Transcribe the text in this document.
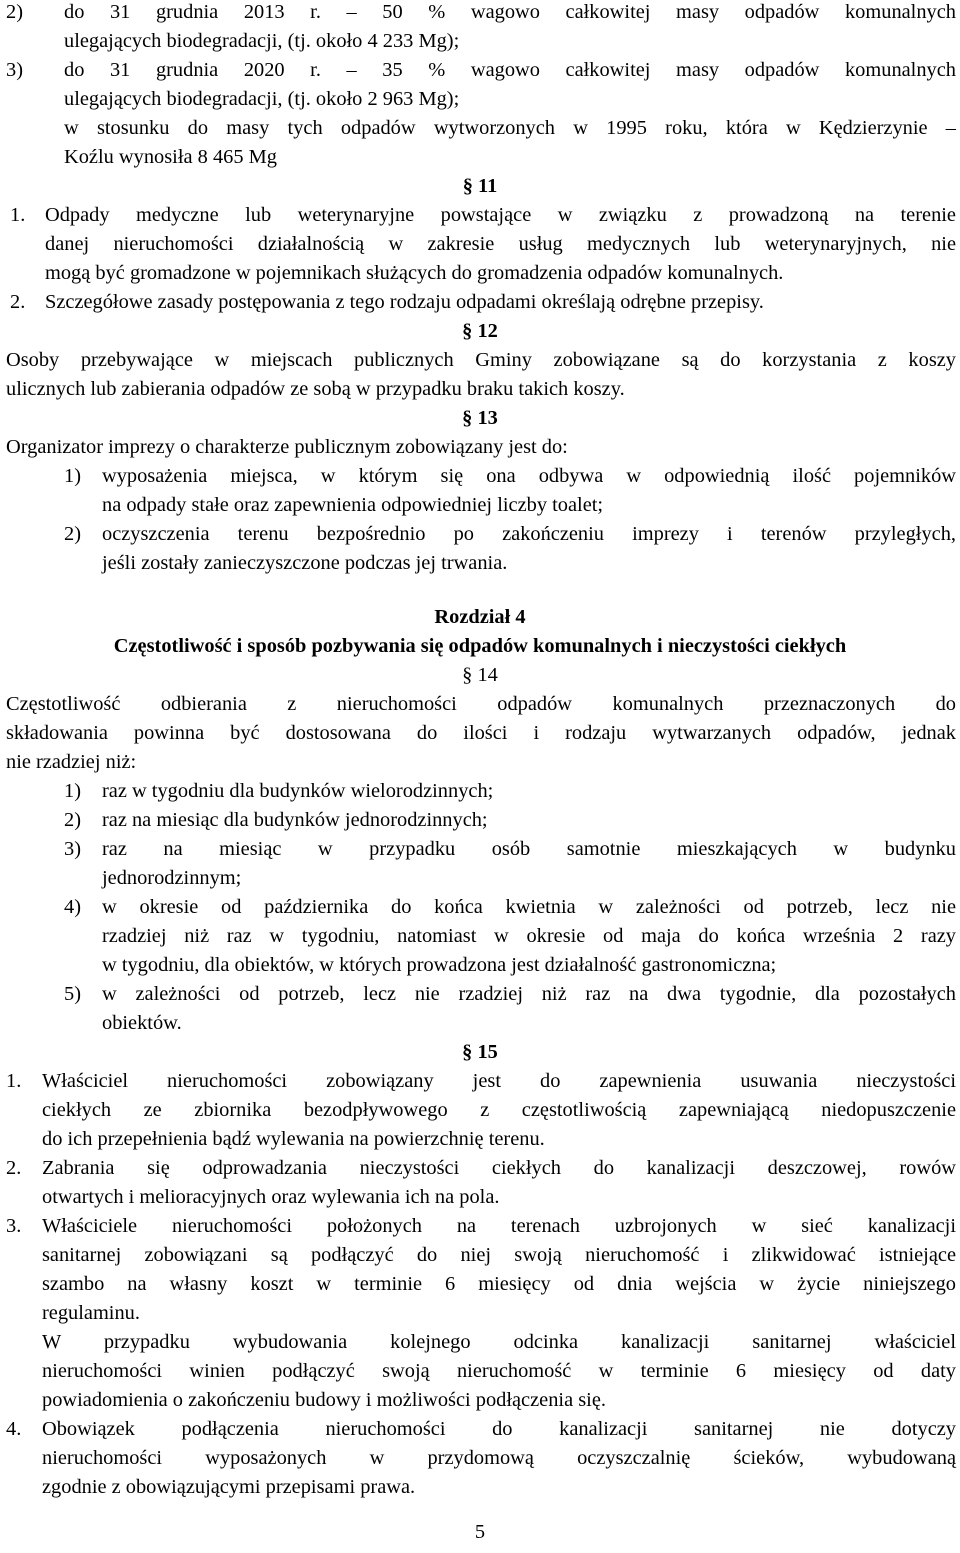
2) do 31 grudnia 2013 r. – 50 % wagowo całkowitej masy odpadów komunalnych
ulegających biodegradacji, (tj. około 4 233 Mg);
3) do 31 grudnia 2020 r. – 35 % wagowo całkowitej masy odpadów komunalnych
ulegających biodegradacji, (tj. około 2 963 Mg);
w stosunku do masy tych odpadów wytworzonych w 1995 roku, która w Kędzierzynie –
Koźlu wynosiła 8 465 Mg
§ 11
1. Odpady medyczne lub weterynaryjne powstające w związku z prowadzoną na terenie
danej nieruchomości działalnością w zakresie usług medycznych lub weterynaryjnych, nie
mogą być gromadzone w pojemnikach służących do gromadzenia odpadów komunalnych.
2. Szczegółowe zasady postępowania z tego rodzaju odpadami określają odrębne przepisy.
§ 12
Osoby przebywające w miejscach publicznych Gminy zobowiązane są do korzystania z koszy
ulicznych lub zabierania odpadów ze sobą w przypadku braku takich koszy.
§ 13
Organizator imprezy o charakterze publicznym zobowiązany jest do:
1) wyposażenia miejsca, w którym się ona odbywa w odpowiednią ilość pojemników
na odpady stałe oraz zapewnienia odpowiedniej liczby toalet;
2) oczyszczenia terenu bezpośrednio po zakończeniu imprezy i terenów przyległych,
jeśli zostały zanieczyszczone podczas jej trwania.
Rozdział 4
Częstotliwość i sposób pozbywania się odpadów komunalnych i nieczystości ciekłych
§ 14
Częstotliwość odbierania z nieruchomości odpadów komunalnych przeznaczonych do
składowania powinna być dostosowana do ilości i rodzaju wytwarzanych odpadów, jednak
nie rzadziej niż:
1) raz w tygodniu dla budynków wielorodzinnych;
2) raz na miesiąc dla budynków jednorodzinnych;
3) raz na miesiąc w przypadku osób samotnie mieszkających w budynku
jednorodzinnym;
4) w okresie od października do końca kwietnia w zależności od potrzeb, lecz nie
rzadziej niż raz w tygodniu, natomiast w okresie od maja do końca września 2 razy
w tygodniu, dla obiektów, w których prowadzona jest działalność gastronomiczna;
5) w zależności od potrzeb, lecz nie rzadziej niż raz na dwa tygodnie, dla pozostałych
obiektów.
§ 15
1. Właściciel nieruchomości zobowiązany jest do zapewnienia usuwania nieczystości
ciekłych ze zbiornika bezodpływowego z częstotliwością zapewniającą niedopuszczenie
do ich przepełnienia bądź wylewania na powierzchnię terenu.
2. Zabrania się odprowadzania nieczystości ciekłych do kanalizacji deszczowej, rowów
otwartych i melioracyjnych oraz wylewania ich na pola.
3. Właściciele nieruchomości położonych na terenach uzbrojonych w sieć kanalizacji
sanitarnej zobowiązani są podłączyć do niej swoją nieruchomość i zlikwidować istniejące
szambo na własny koszt w terminie 6 miesięcy od dnia wejścia w życie niniejszego
regulaminu.
W przypadku wybudowania kolejnego odcinka kanalizacji sanitarnej właściciel
nieruchomości winien podłączyć swoją nieruchomość w terminie 6 miesięcy od daty
powiadomienia o zakończeniu budowy i możliwości podłączenia się.
4. Obowiązek podłączenia nieruchomości do kanalizacji sanitarnej nie dotyczy
nieruchomości wyposażonych w przydomową oczyszczalnię ścieków, wybudowaną
zgodnie z obowiązującymi przepisami prawa.
5
